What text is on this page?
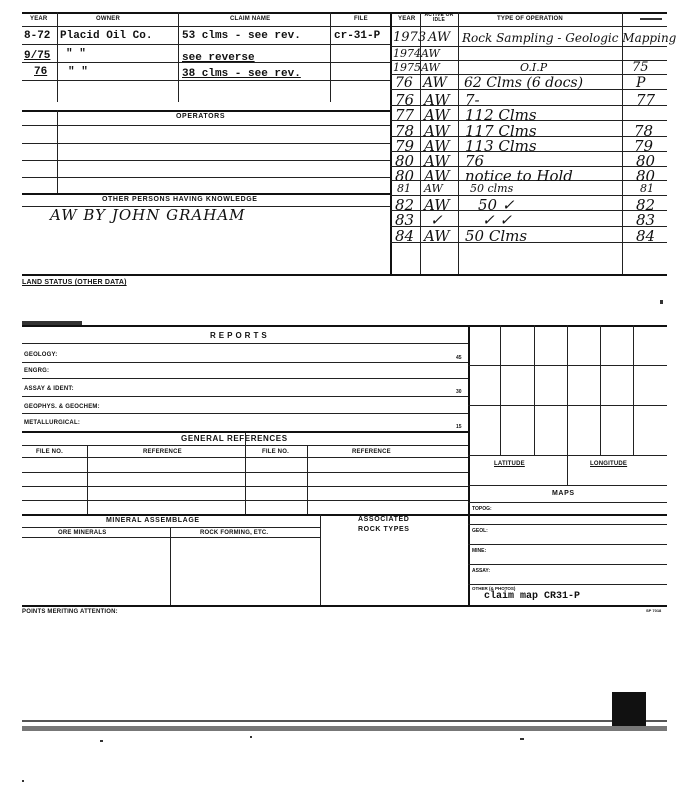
YEAR	OWNER	CLAIM NAME	FILE	YEAR
ACTIVE OR IDLE	TYPE OF OPERATION
8-72 Placid Oil Co.	53 clms - see rev.	cr-31-P
9/75 " "	see reverse
76 " "	38 clms - see rev.
OPERATORS
OTHER PERSONS HAVING KNOWLEDGE
AW BY JOHN GRAHAM
1973 AW Rock Sampling - Geologic Mapping
1974 AW
1975 AW	O.I.P	75
76 AW 62 Clms (6 docs)	P
76 AW 7-	77
77 AW 112 Clms
78 AW 117 Clms	78
79 AW 113 Clms	79
80 AW 76	80
80 AW notice to Hold	80
81 AW 50 clms	81
82 AW 50 ✓	82
83 ✓	✓ ✓	83
84 AW 50 Clms	84
LAND STATUS (OTHER DATA)
REPORTS
GEOLOGY:	45
ENGRG:
ASSAY & IDENT:	30
GEOPHYS. & GEOCHEM:
METALLURGICAL:
15
GENERAL REFERENCES
FILE NO.	REFERENCE	FILE NO.	REFERENCE
LATITUDE	LONGITUDE
MAPS
TOPOG:
GEOL:
MINE:
ASSAY:
OTHER (& PHOTOS)
claim map CR31-P
MINERAL ASSEMBLAGE
ORE MINERALS	ROCK FORMING, ETC.
ASSOCIATED
ROCK TYPES
POINTS MERITING ATTENTION:	SP 7018
